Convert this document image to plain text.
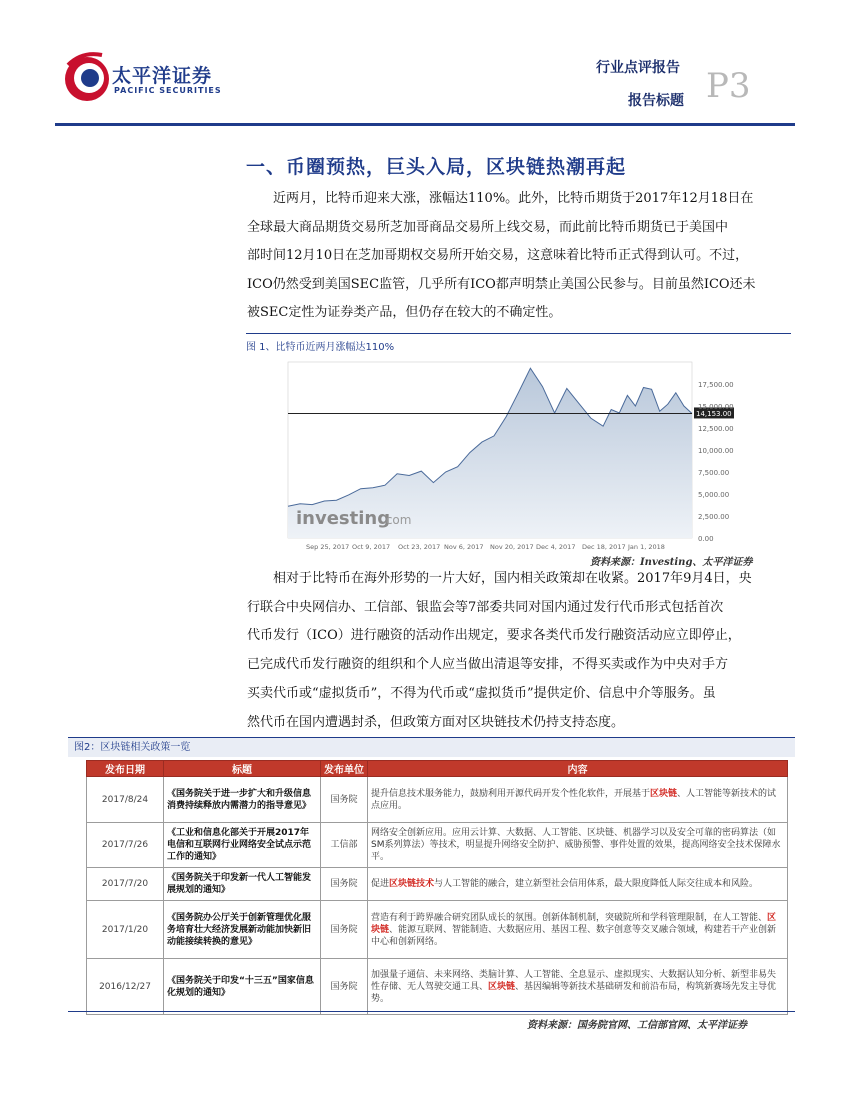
太平洋证券
PACIFIC SECURITIES
行业点评报告
报告标题 P3
一、币圈预热，巨头入局，区块链热潮再起
近两月，比特币迎来大涨，涨幅达110%。此外，比特币期货于2017年12月18日在
全球最大商品期货交易所芝加哥商品交易所上线交易，而此前比特币期货已于美国中
部时间12月10日在芝加哥期权交易所开始交易，这意味着比特币正式得到认可。不过，
ICO仍然受到美国SEC监管，几乎所有ICO都声明禁止美国公民参与。目前虽然ICO还未
被SEC定性为证券类产品，但仍存在较大的不确定性。
图 1、比特币近两月涨幅达110%
14,153.00
17,500.00
15,000.00
12,500.00
10,000.00
7,500.00
5,000.00
2,500.00
0.00
Sep 25, 2017 Oct 9, 2017 Oct 23, 2017 Nov 6, 2017 Nov 20, 2017 Dec 4, 2017 Dec 18, 2017 Jan 1, 2018
investing
.com
资料来源：Investing、太平洋证券
相对于比特币在海外形势的一片大好，国内相关政策却在收紧。2017年9月4日，央
行联合中央网信办、工信部、银监会等7部委共同对国内通过发行代币形式包括首次
代币发行（ICO）进行融资的活动作出规定，要求各类代币发行融资活动应立即停止，
已完成代币发行融资的组织和个人应当做出清退等安排，不得买卖或作为中央对手方
买卖代币或“虚拟货币”，不得为代币或“虚拟货币”提供定价、信息中介等服务。虽
然代币在国内遭遇封杀，但政策方面对区块链技术仍持支持态度。
图2：区块链相关政策一览
发布日期	标题	发布单位	内容
2017/8/24	《国务院关于进一步扩大和升级信息消费持续释放内需潜力的指导意见》	国务院	提升信息技术服务能力，鼓励利用开源代码开发个性化软件，开展基于区块链、人工智能等新技术的试点应用。
2017/7/26	《工业和信息化部关于开展2017年电信和互联网行业网络安全试点示范工作的通知》	工信部	网络安全创新应用。应用云计算、大数据、人工智能、区块链、机器学习以及安全可靠的密码算法（如SM系列算法）等技术，明显提升网络安全防护、威胁预警、事件处置的效果，提高网络安全技术保障水平。
2017/7/20	《国务院关于印发新一代人工智能发展规划的通知》	国务院	促进区块链技术与人工智能的融合，建立新型社会信用体系，最大限度降低人际交往成本和风险。
2017/1/20	《国务院办公厅关于创新管理优化服务培育壮大经济发展新动能加快新旧动能接续转换的意见》	国务院	营造有利于跨界融合研究团队成长的氛围。创新体制机制，突破院所和学科管理限制，在人工智能、区块链、能源互联网、智能制造、大数据应用、基因工程、数字创意等交叉融合领域，构建若干产业创新中心和创新网络。
2016/12/27	《国务院关于印发“十三五”国家信息化规划的通知》	国务院	加强量子通信、未来网络、类脑计算、人工智能、全息显示、虚拟现实、大数据认知分析、新型非易失性存储、无人驾驶交通工具、区块链、基因编辑等新技术基础研发和前沿布局，构筑新赛场先发主导优势。
资料来源：国务院官网、工信部官网、太平洋证券
